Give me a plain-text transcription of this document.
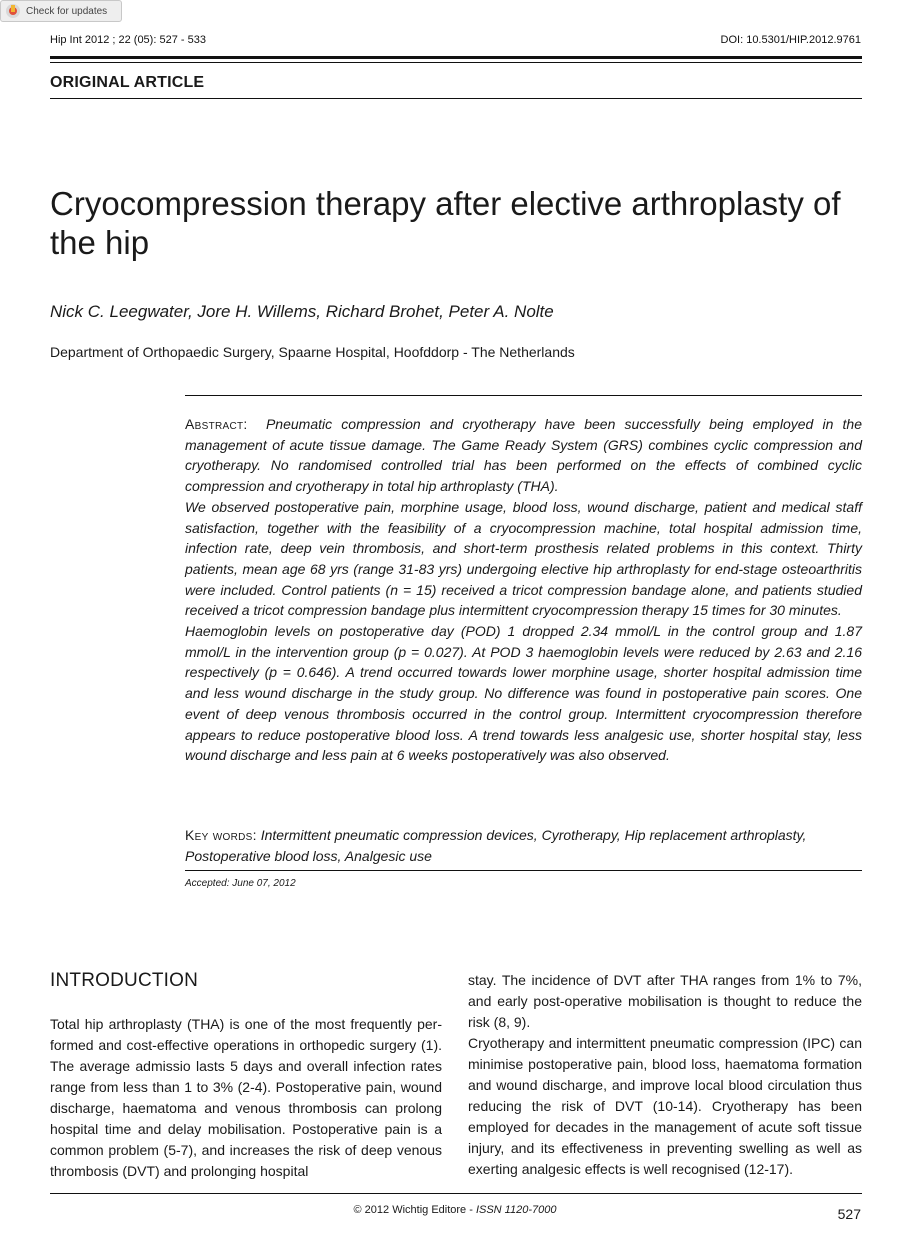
Check for updates
Hip Int 2012 ; 22 (05): 527 - 533	DOI: 10.5301/HIP.2012.9761
ORIGINAL ARTICLE
Cryocompression therapy after elective arthroplasty of the hip
Nick C. Leegwater, Jore H. Willems, Richard Brohet, Peter A. Nolte
Department of Orthopaedic Surgery, Spaarne Hospital, Hoofddorp - The Netherlands

Abstract: Pneumatic compression and cryotherapy have been successfully being employed in the management of acute tissue damage. The Game Ready System (GRS) combines cyclic compression and cryotherapy. No randomised controlled trial has been performed on the effects of combined cyclic compression and cryotherapy in total hip arthroplasty (THA).

We observed postoperative pain, morphine usage, blood loss, wound discharge, patient and medical staff satisfaction, together with the feasibility of a cryocompression machine, total hospital admission time, infection rate, deep vein thrombosis, and short-term prosthesis related problems in this context. Thirty patients, mean age 68 yrs (range 31-83 yrs) undergoing elective hip arthroplasty for end-stage osteoarthritis were included. Control patients (n = 15) received a tricot compression bandage alone, and patients studied received a tricot compression bandage plus intermittent cryocompression therapy 15 times for 30 minutes.

Haemoglobin levels on postoperative day (POD) 1 dropped 2.34 mmol/L in the control group and 1.87 mmol/L in the intervention group (p = 0.027). At POD 3 haemoglobin levels were reduced by 2.63 and 2.16 respectively (p = 0.646). A trend occurred towards lower morphine usage, shorter hospital admission time and less wound discharge in the study group. No difference was found in postoperative pain scores. One event of deep venous thrombosis occurred in the control group. Intermittent cryocompression therefore appears to reduce postoperative blood loss. A trend towards less analgesic use, shorter hospital stay, less wound discharge and less pain at 6 weeks postoperatively was also observed.

Key words: Intermittent pneumatic compression devices, Cyrotherapy, Hip replacement arthroplasty, Postoperative blood loss, Analgesic use
Accepted: June 07, 2012
INTRODUCTION

Total hip arthroplasty (THA) is one of the most frequently performed and cost-effective operations in orthopedic surgery (1). The average admissio lasts 5 days and overall infection rates range from less than 1 to 3% (2-4). Postoperative pain, wound discharge, haematoma and venous thrombosis can prolong hospital time and delay mobilisation. Postoperative pain is a common problem (5-7), and increases the risk of deep venous thrombosis (DVT) and prolonging hospital

stay. The incidence of DVT after THA ranges from 1% to 7%, and early post-operative mobilisation is thought to reduce the risk (8, 9).

Cryotherapy and intermittent pneumatic compression (IPC) can minimise postoperative pain, blood loss, haematoma formation and wound discharge, and improve local blood circulation thus reducing the risk of DVT (10-14). Cryotherapy has been employed for decades in the management of acute soft tissue injury, and its effectiveness in preventing swelling as well as exerting analgesic effects is well recognised (12-17).

© 2012 Wichtig Editore - ISSN 1120-7000	527
